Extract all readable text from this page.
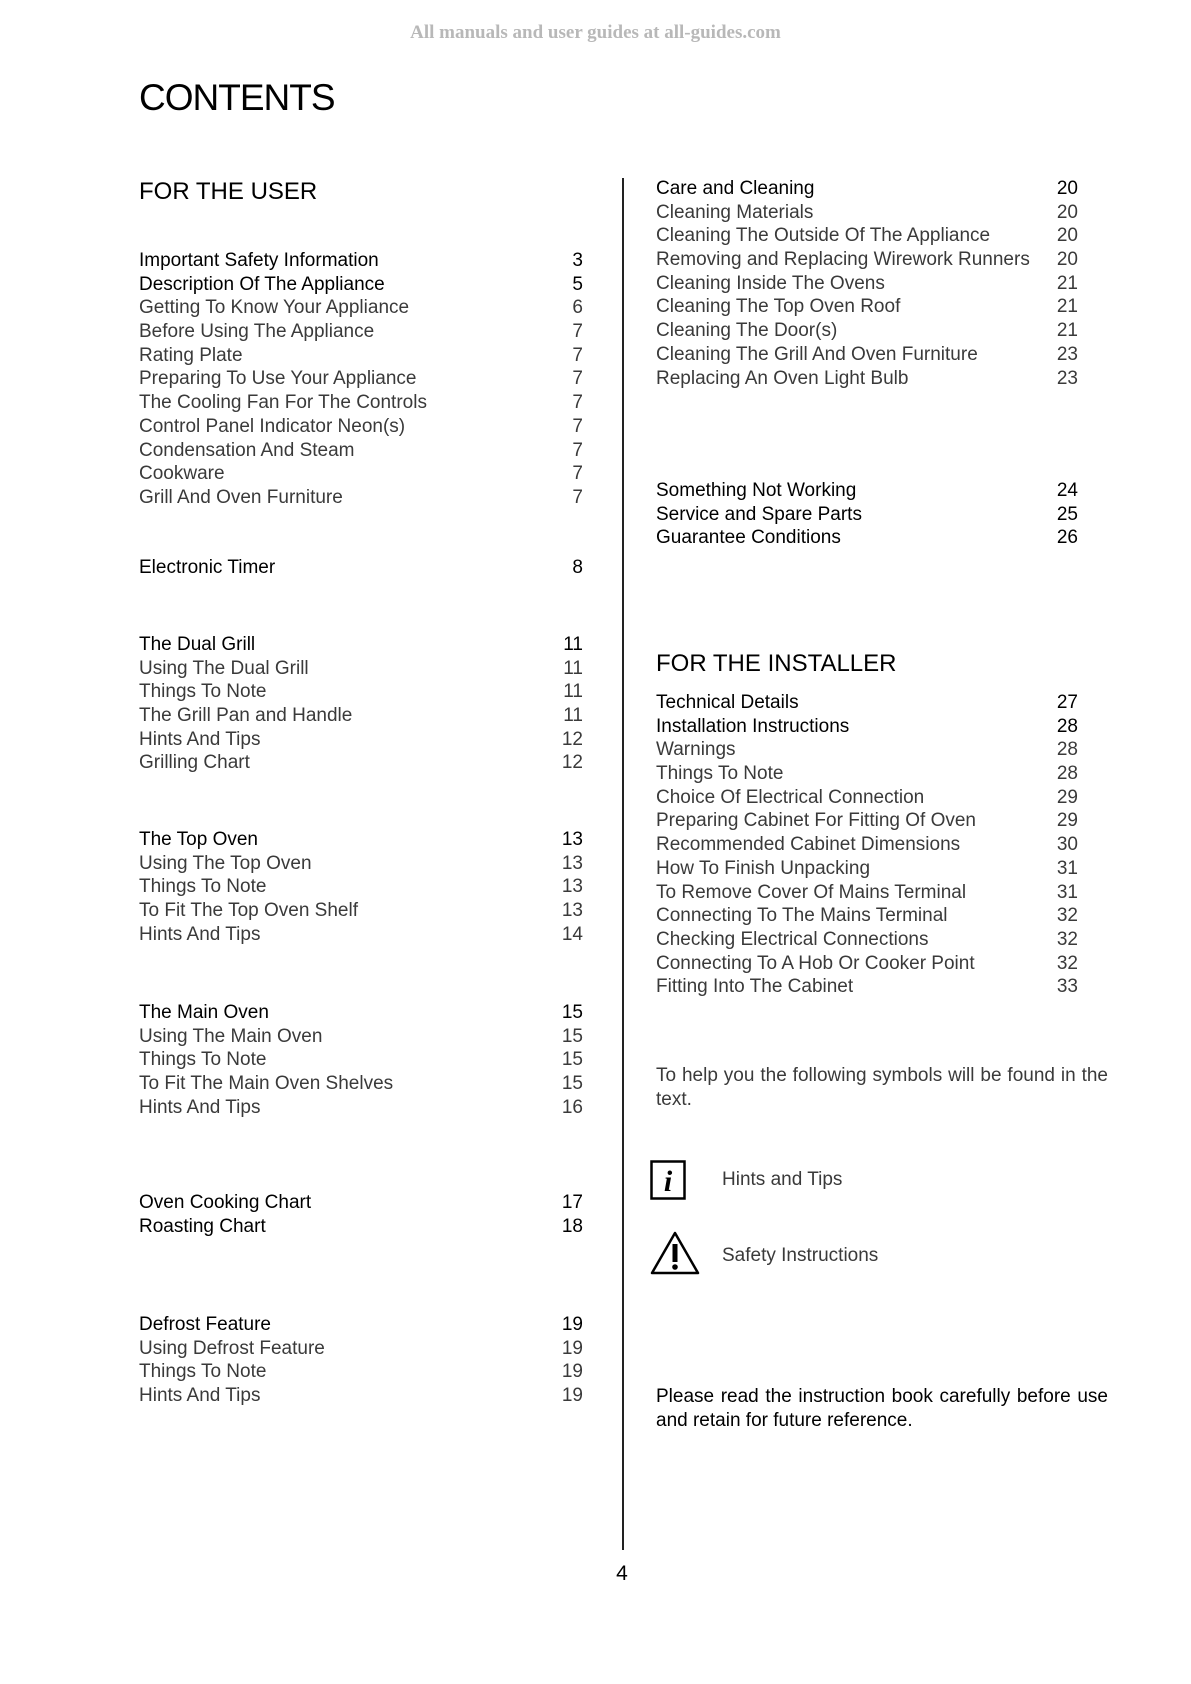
All manuals and user guides at all-guides.com
CONTENTS
FOR THE USER
Important Safety Information	3
Description Of The Appliance	5
Getting To Know Your Appliance	6
Before Using The Appliance	7
Rating Plate	7
Preparing To Use Your Appliance	7
The Cooling Fan For The Controls	7
Control Panel Indicator Neon(s)	7
Condensation And Steam	7
Cookware	7
Grill And Oven Furniture	7
Electronic Timer	8
The Dual Grill	11
Using The Dual Grill	11
Things To Note	11
The Grill Pan and Handle	11
Hints And Tips	12
Grilling Chart	12
The Top Oven	13
Using The Top Oven	13
Things To Note	13
To Fit The Top Oven Shelf	13
Hints And Tips	14
The Main Oven	15
Using The Main Oven	15
Things To Note	15
To Fit The Main Oven Shelves	15
Hints And Tips	16
Oven Cooking Chart	17
Roasting Chart	18
Defrost Feature	19
Using Defrost Feature	19
Things To Note	19
Hints And Tips	19
Care and Cleaning	20
Cleaning Materials	20
Cleaning The Outside Of The Appliance	20
Removing and Replacing Wirework Runners 20
Cleaning Inside The Ovens	21
Cleaning The Top Oven Roof	21
Cleaning The Door(s)	21
Cleaning The Grill And Oven Furniture	23
Replacing An Oven Light Bulb	23
Something Not Working	24
Service and Spare Parts	25
Guarantee Conditions	26
FOR THE INSTALLER
Technical Details	27
Installation Instructions	28
Warnings	28
Things To Note	28
Choice Of Electrical Connection	29
Preparing Cabinet For Fitting Of Oven	29
Recommended Cabinet Dimensions	30
How To Finish Unpacking	31
To Remove Cover Of Mains Terminal	31
Connecting To The Mains Terminal	32
Checking Electrical Connections	32
Connecting To A Hob Or Cooker Point	32
Fitting Into The Cabinet	33

To help you the following symbols will be found in the text.

i	Hints and Tips
Safety Instructions

Please read the instruction book carefully before use and retain for future reference.

4
